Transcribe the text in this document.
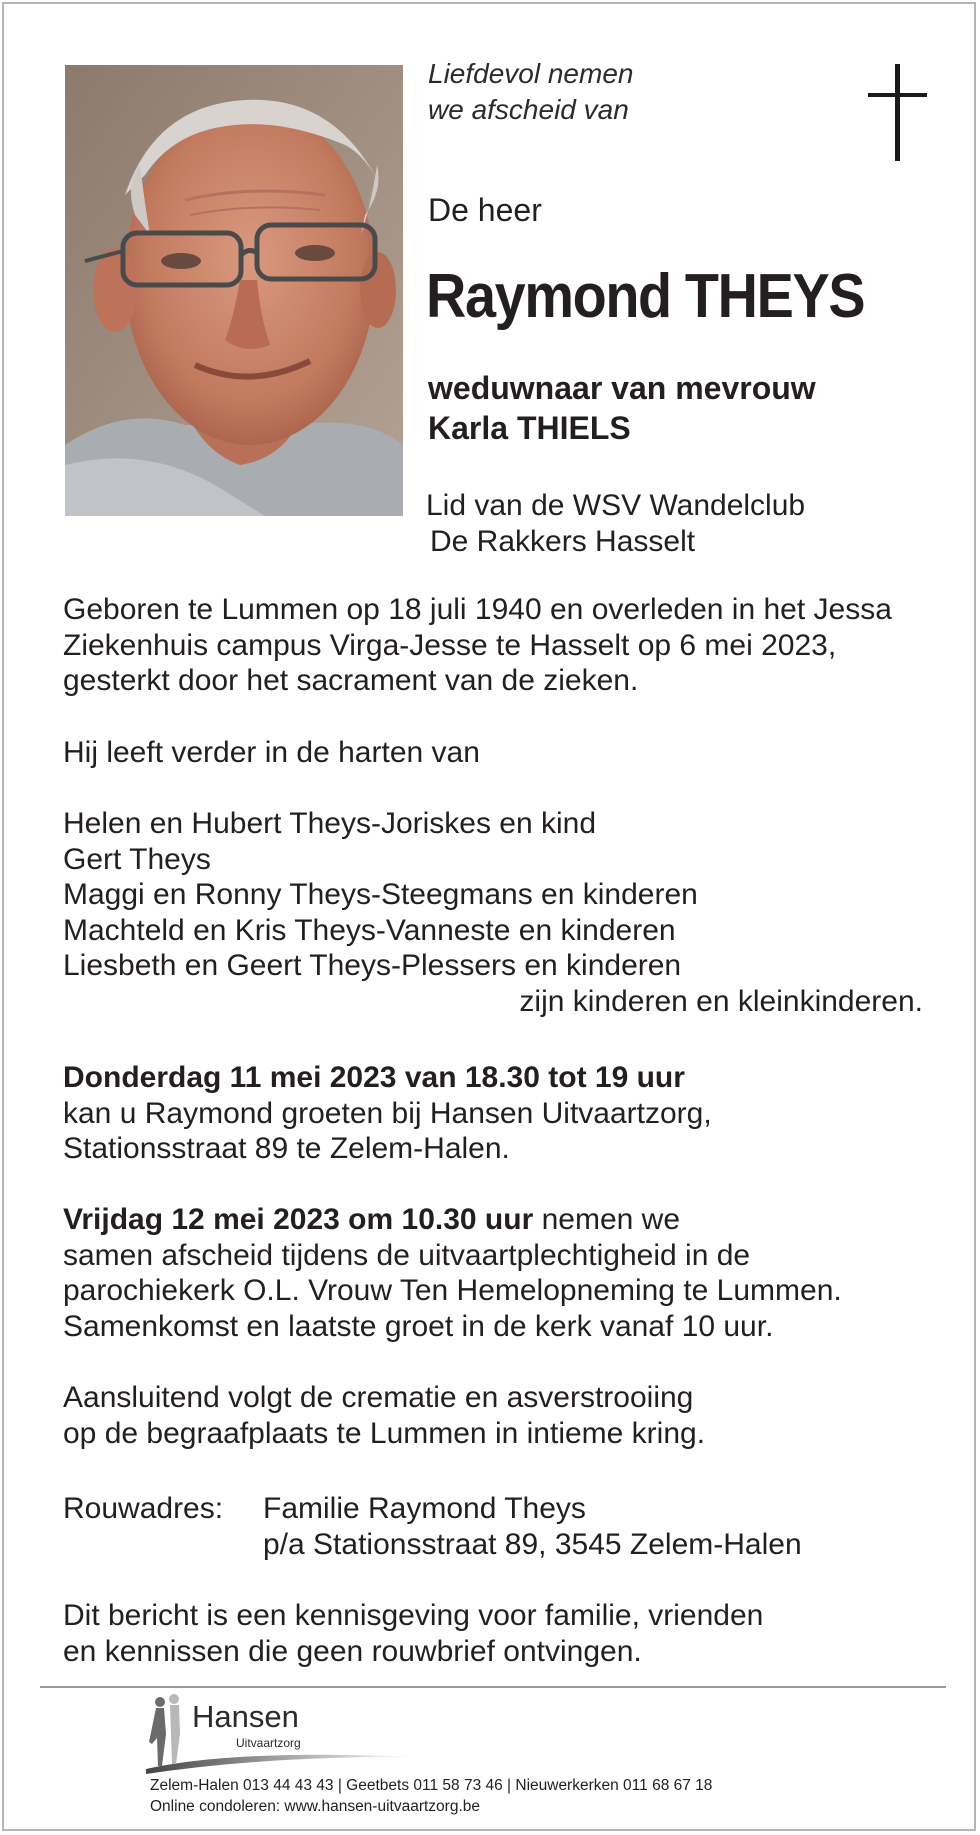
Liefdevol nemen
we afscheid van
De heer
Raymond THEYS
weduwnaar van mevrouw
Karla THIELS
Lid van de WSV Wandelclub
De Rakkers Hasselt
Geboren te Lummen op 18 juli 1940 en overleden in het Jessa
Ziekenhuis campus Virga-Jesse te Hasselt op 6 mei 2023,
gesterkt door het sacrament van de zieken.
Hij leeft verder in de harten van
Helen en Hubert Theys-Joriskes en kind
Gert Theys
Maggi en Ronny Theys-Steegmans en kinderen
Machteld en Kris Theys-Vanneste en kinderen
Liesbeth en Geert Theys-Plessers en kinderen
zijn kinderen en kleinkinderen.
Donderdag 11 mei 2023 van 18.30 tot 19 uur
kan u Raymond groeten bij Hansen Uitvaartzorg,
Stationsstraat 89 te Zelem-Halen.
Vrijdag 12 mei 2023 om 10.30 uur nemen we
samen afscheid tijdens de uitvaartplechtigheid in de
parochiekerk O.L. Vrouw Ten Hemelopneming te Lummen.
Samenkomst en laatste groet in de kerk vanaf 10 uur.
Aansluitend volgt de crematie en asverstrooiing
op de begraafplaats te Lummen in intieme kring.
Rouwadres:	Familie Raymond Theys
p/a Stationsstraat 89, 3545 Zelem-Halen
Dit bericht is een kennisgeving voor familie, vrienden
en kennissen die geen rouwbrief ontvingen.
Hansen
Uitvaartzorg
Zelem-Halen 013 44 43 43 | Geetbets 011 58 73 46 | Nieuwerkerken 011 68 67 18
Online condoleren: www.hansen-uitvaartzorg.be
